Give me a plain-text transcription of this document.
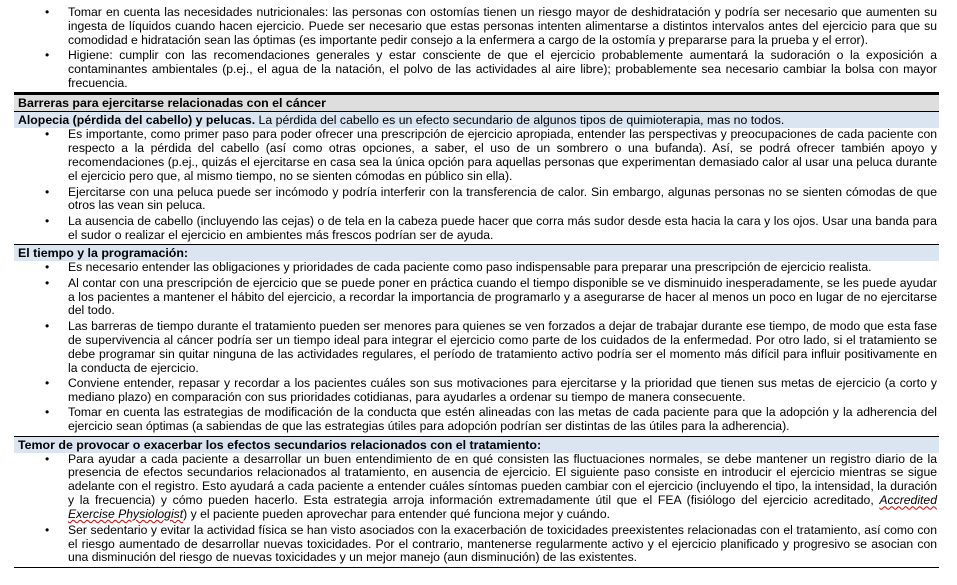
• Tomar en cuenta las necesidades nutricionales: las personas con ostomías tienen un riesgo mayor de deshidratación y podría ser necesario que aumenten su ingesta de líquidos cuando hacen ejercicio. Puede ser necesario que estas personas intenten alimentarse a distintos intervalos antes del ejercicio para que su comodidad e hidratación sean las óptimas (es importante pedir consejo a la enfermera a cargo de la ostomía y prepararse para la prueba y el error).
• Higiene: cumplir con las recomendaciones generales y estar consciente de que el ejercicio probablemente aumentará la sudoración o la exposición a contaminantes ambientales (p.ej., el agua de la natación, el polvo de las actividades al aire libre); probablemente sea necesario cambiar la bolsa con mayor frecuencia.
Barreras para ejercitarse relacionadas con el cáncer
Alopecia (pérdida del cabello) y pelucas. La pérdida del cabello es un efecto secundario de algunos tipos de quimioterapia, mas no todos.
• Es importante, como primer paso para poder ofrecer una prescripción de ejercicio apropiada, entender las perspectivas y preocupaciones de cada paciente con respecto a la pérdida del cabello (así como otras opciones, a saber, el uso de un sombrero o una bufanda). Así, se podrá ofrecer también apoyo y recomendaciones (p.ej., quizás el ejercitarse en casa sea la única opción para aquellas personas que experimentan demasiado calor al usar una peluca durante el ejercicio pero que, al mismo tiempo, no se sienten cómodas en público sin ella).
• Ejercitarse con una peluca puede ser incómodo y podría interferir con la transferencia de calor. Sin embargo, algunas personas no se sienten cómodas de que otros las vean sin peluca.
• La ausencia de cabello (incluyendo las cejas) o de tela en la cabeza puede hacer que corra más sudor desde esta hacia la cara y los ojos. Usar una banda para el sudor o realizar el ejercicio en ambientes más frescos podrían ser de ayuda.
El tiempo y la programación:
• Es necesario entender las obligaciones y prioridades de cada paciente como paso indispensable para preparar una prescripción de ejercicio realista.
• Al contar con una prescripción de ejercicio que se puede poner en práctica cuando el tiempo disponible se ve disminuido inesperadamente, se les puede ayudar a los pacientes a mantener el hábito del ejercicio, a recordar la importancia de programarlo y a asegurarse de hacer al menos un poco en lugar de no ejercitarse del todo.
• Las barreras de tiempo durante el tratamiento pueden ser menores para quienes se ven forzados a dejar de trabajar durante ese tiempo, de modo que esta fase de supervivencia al cáncer podría ser un tiempo ideal para integrar el ejercicio como parte de los cuidados de la enfermedad. Por otro lado, si el tratamiento se debe programar sin quitar ninguna de las actividades regulares, el período de tratamiento activo podría ser el momento más difícil para influir positivamente en la conducta de ejercicio.
• Conviene entender, repasar y recordar a los pacientes cuáles son sus motivaciones para ejercitarse y la prioridad que tienen sus metas de ejercicio (a corto y mediano plazo) en comparación con sus prioridades cotidianas, para ayudarles a ordenar su tiempo de manera consecuente.
• Tomar en cuenta las estrategias de modificación de la conducta que estén alineadas con las metas de cada paciente para que la adopción y la adherencia del ejercicio sean óptimas (a sabiendas de que las estrategias útiles para adopción podrían ser distintas de las útiles para la adherencia).
Temor de provocar o exacerbar los efectos secundarios relacionados con el tratamiento:
• Para ayudar a cada paciente a desarrollar un buen entendimiento de en qué consisten las fluctuaciones normales, se debe mantener un registro diario de la presencia de efectos secundarios relacionados al tratamiento, en ausencia de ejercicio. El siguiente paso consiste en introducir el ejercicio mientras se sigue adelante con el registro. Esto ayudará a cada paciente a entender cuáles síntomas pueden cambiar con el ejercicio (incluyendo el tipo, la intensidad, la duración y la frecuencia) y cómo pueden hacerlo. Esta estrategia arroja información extremadamente útil que el FEA (fisiólogo del ejercicio acreditado, Accredited Exercise Physiologist) y el paciente pueden aprovechar para entender qué funciona mejor y cuándo.
• Ser sedentario y evitar la actividad física se han visto asociados con la exacerbación de toxicidades preexistentes relacionadas con el tratamiento, así como con el riesgo aumentado de desarrollar nuevas toxicidades. Por el contrario, mantenerse regularmente activo y el ejercicio planificado y progresivo se asocian con una disminución del riesgo de nuevas toxicidades y un mejor manejo (aun disminución) de las existentes.
